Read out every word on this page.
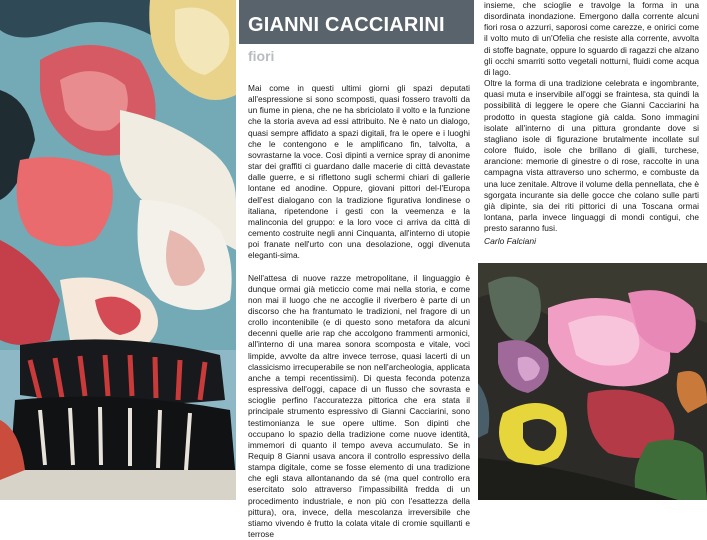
GIANNI CACCIARINI
fiori

Mai come in questi ultimi giorni gli spazi deputati all'espressione si sono scomposti, quasi fossero travolti da un fiume in piena, che ne ha sbriciolato il volto e la funzione che la storia aveva ad essi attribuito. Ne è nato un dialogo, quasi sempre affidato a spazi digitali, fra le opere e i luoghi che le contengono e le amplificano fin, talvolta, a sovrastarne la voce. Così dipinti a vernice spray di anonime star dei graffiti ci guardano dalle macerie di città devastate dalle guerre, e si riflettono sugli schermi chiari di gallerie lontane ed anodine. Oppure, giovani pittori del-l'Europa dell'est dialogano con la tradizione figurativa londinese o italiana, ripetendone i gesti con la veemenza e la malinconia del gruppo: e la loro voce ci arriva da città di cemento costruite negli anni Cinquanta, all'interno di utopie poi franate nell'urto con una desolazione, oggi divenuta eleganti-sima.

Nell'attesa di nuove razze metropolitane, il linguaggio è dunque ormai già meticcio come mai nella storia, e come non mai il luogo che ne accoglie il riverbero è parte di un discorso che ha frantumato le tradizioni, nel fragore di un crollo incontenibile (e di questo sono metafora da alcuni decenni quelle arie rap che accolgono frammenti armonici, all'interno di una marea sonora scomposta e vitale, voci limpide, avvolte da altre invece terrose, quasi lacerti di un classicismo irrecuperabile se non nell'archeologia, applicata anche a tempi recentissimi). Di questa feconda potenza espressiva dell'oggi, capace di un flusso che sovrasta e scioglie perfino l'accuratezza pittorica che era stata il principale strumento espressivo di Gianni Cacciarini, sono testimonianza le sue opere ultime. Son dipinti che occupano lo spazio della tradizione come nuove identità, immemori di quanto il tempo aveva accumulato. Se in Requip 8 Gianni usava ancora il controllo espressivo della stampa digitale, come se fosse elemento di una tradizione che egli stava allontanando da sé (ma quel controllo era esercitato solo attraverso l'impassibilità fredda di un procedimento industriale, e non più con l'esattezza della pittura), ora, invece, della mescolanza irreversibile che stiamo vivendo è frutto la colata vitale di cromie squillanti e terrose

insieme, che scioglie e travolge la forma in una disordinata inondazione. Emergono dalla corrente alcuni fiori rosa o azzurri, saporosi come carezze, e onirici come il volto muto di un'Ofelia che resiste alla corrente, avvolta di stoffe bagnate, oppure lo sguardo di ragazzi che alzano gli occhi smarriti sotto vegetali notturni, fluidi come acqua di lago.

Oltre la forma di una tradizione celebrata e ingombrante, quasi muta e inservibile all'oggi se fraintesa, sta quindi la possibilità di leggere le opere che Gianni Cacciarini ha prodotto in questa stagione già calda. Sono immagini isolate all'interno di una pittura grondante dove si stagliano isole di figurazione brutalmente incollate sul colore fluido, isole che brillano di gialli, turchese, arancione: memorie di ginestre o di rose, raccolte in una campagna vista attraverso uno schermo, e combuste da una luce zenitale. Altrove il volume della pennellata, che è sgorgata incurante sia delle gocce che colano sulle parti già dipinte, sia dei riti pittorici di una Toscana ormai lontana, parla invece linguaggi di mondi contigui, che presto saranno fusi.

Carlo Falciani
